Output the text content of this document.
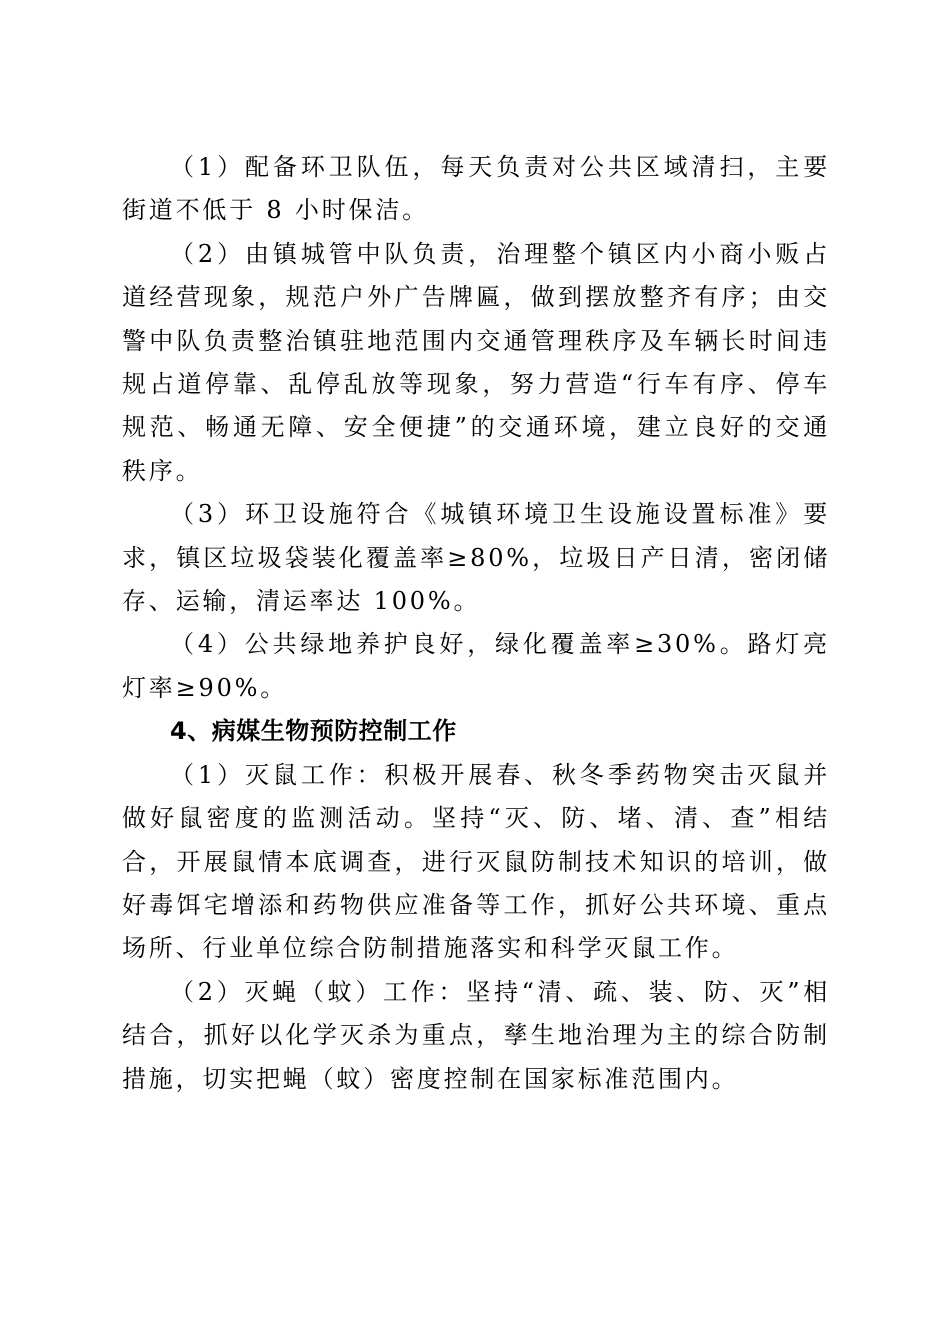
（1）配备环卫队伍，每天负责对公共区域清扫，主要街道不低于 8 小时保洁。

（2）由镇城管中队负责，治理整个镇区内小商小贩占道经营现象，规范户外广告牌匾，做到摆放整齐有序；由交警中队负责整治镇驻地范围内交通管理秩序及车辆长时间违规占道停靠、乱停乱放等现象，努力营造“行车有序、停车规范、畅通无障、安全便捷”的交通环境，建立良好的交通秩序。

（3）环卫设施符合《城镇环境卫生设施设置标准》要求，镇区垃圾袋装化覆盖率≥80%，垃圾日产日清，密闭储存、运输，清运率达 100%。

（4）公共绿地养护良好，绿化覆盖率≥30%。路灯亮灯率≥90%。

4、病媒生物预防控制工作

（1）灭鼠工作：积极开展春、秋冬季药物突击灭鼠并做好鼠密度的监测活动。坚持“灭、防、堵、清、查”相结合，开展鼠情本底调查，进行灭鼠防制技术知识的培训，做好毒饵宅增添和药物供应准备等工作，抓好公共环境、重点场所、行业单位综合防制措施落实和科学灭鼠工作。

（2）灭蝇（蚊）工作：坚持“清、疏、装、防、灭”相结合，抓好以化学灭杀为重点，孳生地治理为主的综合防制措施，切实把蝇（蚊）密度控制在国家标准范围内。
